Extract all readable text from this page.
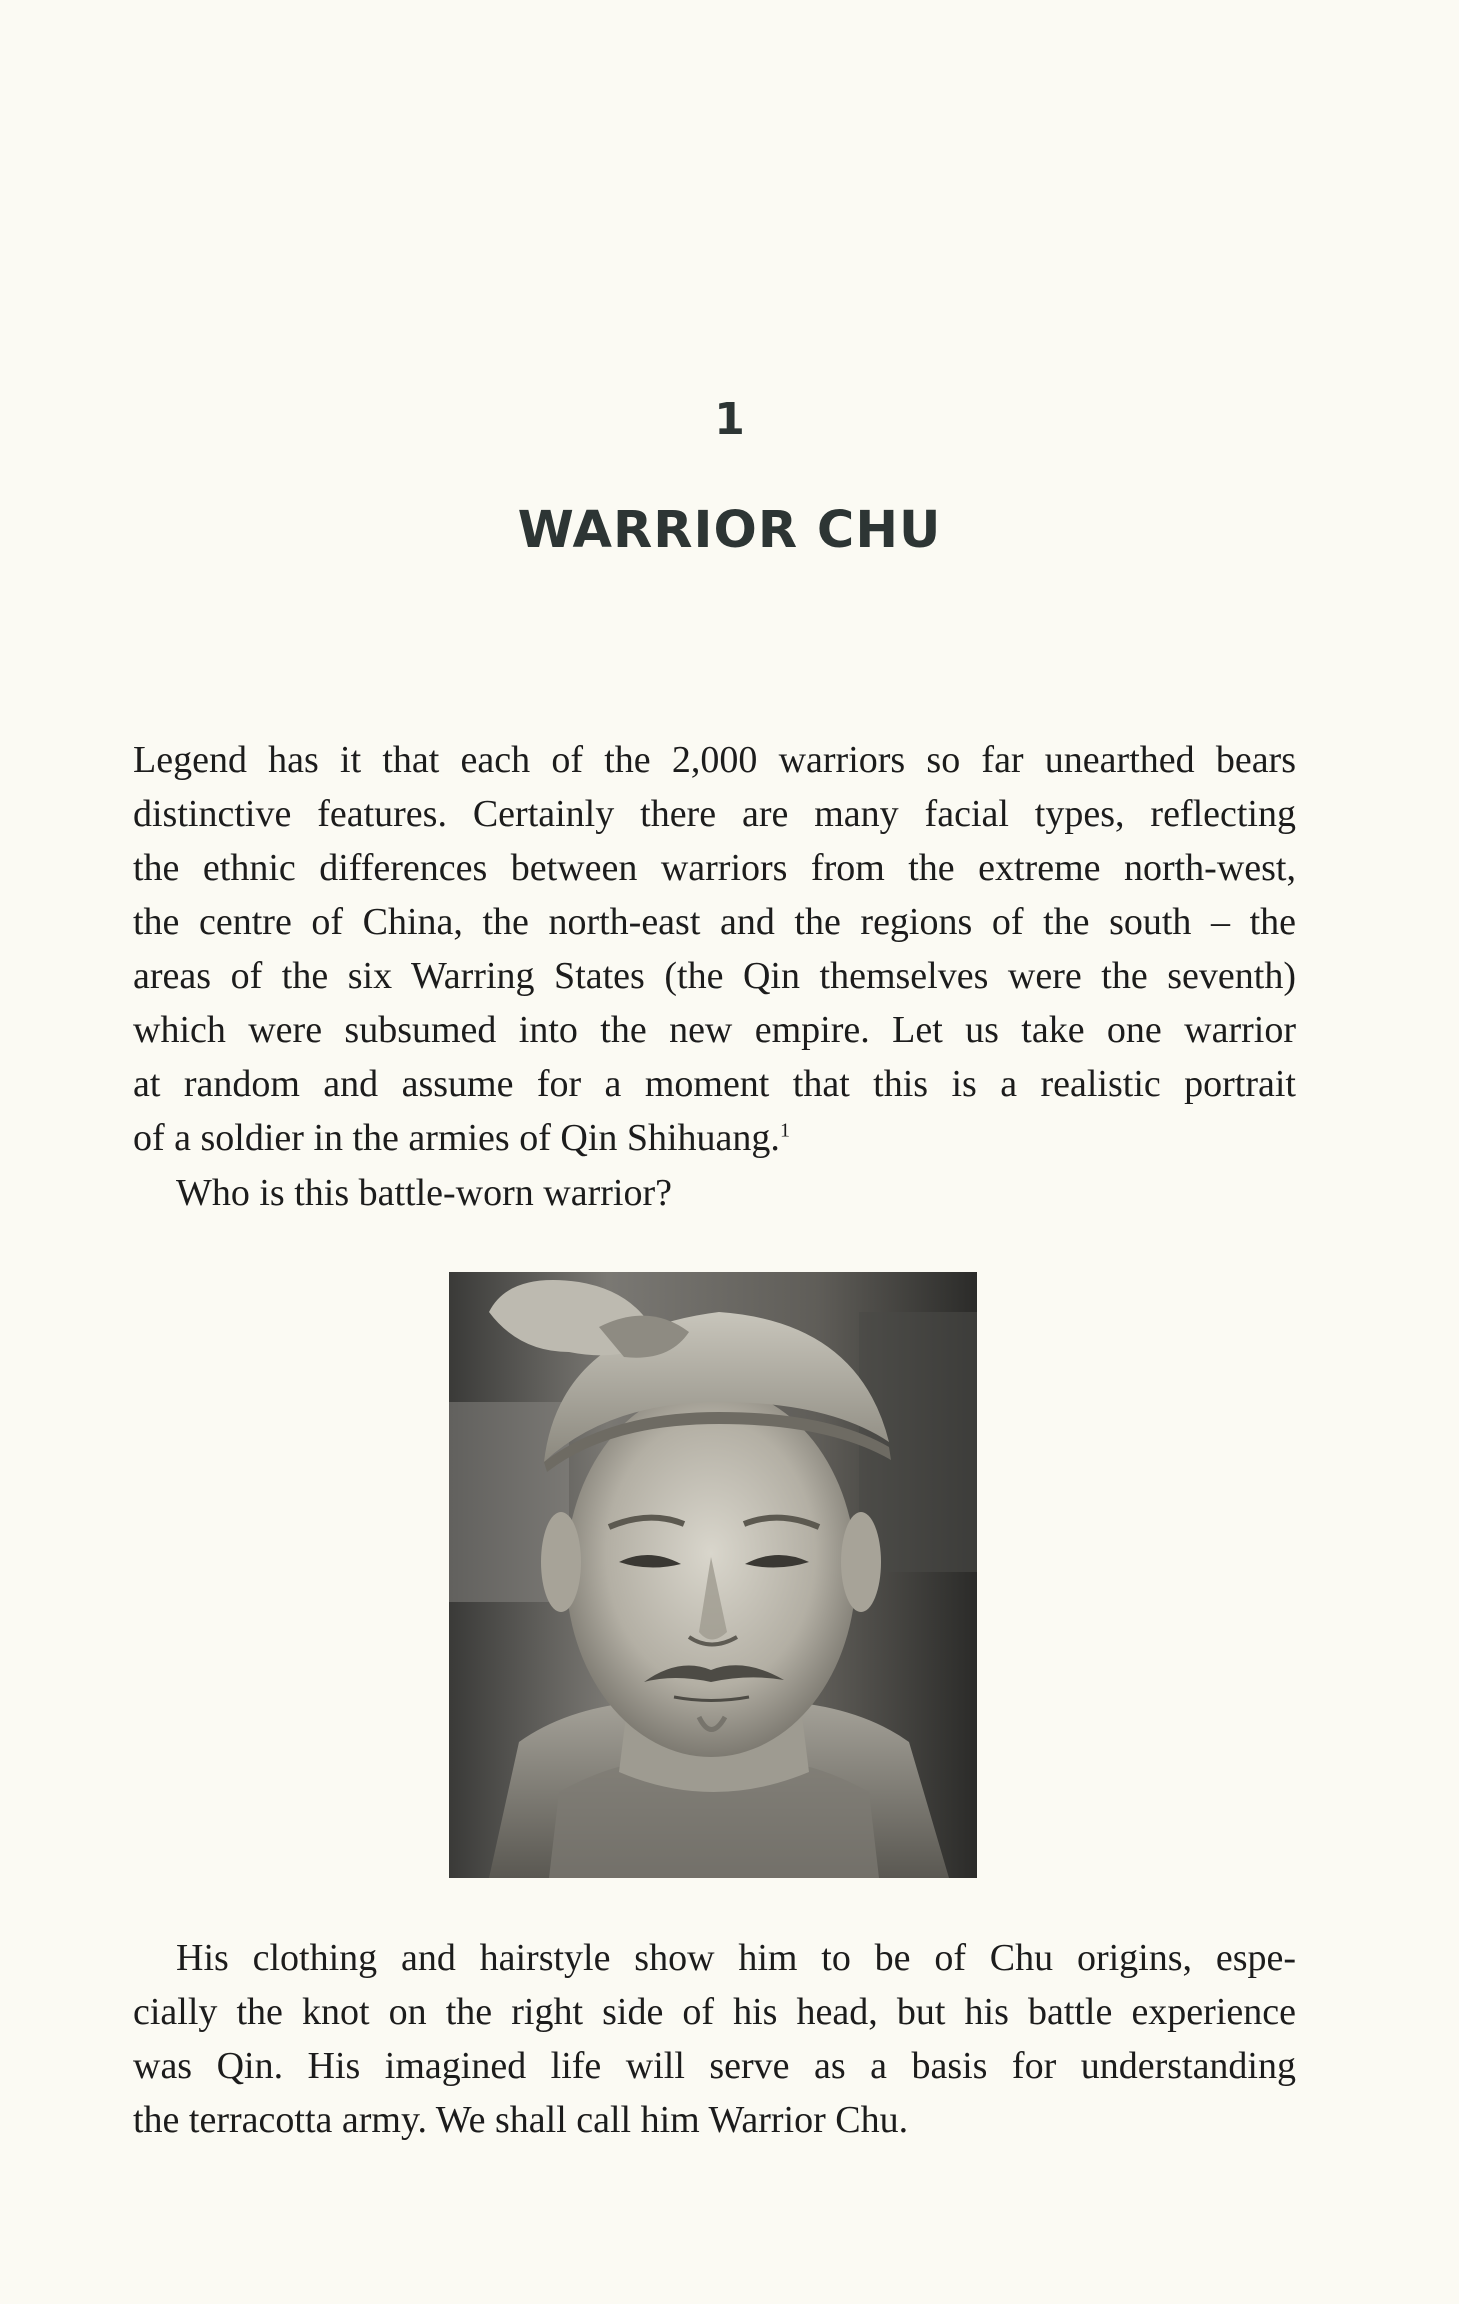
1
WARRIOR CHU
Legend has it that each of the 2,000 warriors so far unearthed bears
distinctive features. Certainly there are many facial types, reflecting
the ethnic differences between warriors from the extreme north-west,
the centre of China, the north-east and the regions of the south – the
areas of the six Warring States (the Qin themselves were the seventh)
which were subsumed into the new empire. Let us take one warrior
at random and assume for a moment that this is a realistic portrait
of a soldier in the armies of Qin Shihuang.$^1$
Who is this battle-worn warrior?
His clothing and hairstyle show him to be of Chu origins, espe-
cially the knot on the right side of his head, but his battle experience
was Qin. His imagined life will serve as a basis for understanding
the terracotta army. We shall call him Warrior Chu.
